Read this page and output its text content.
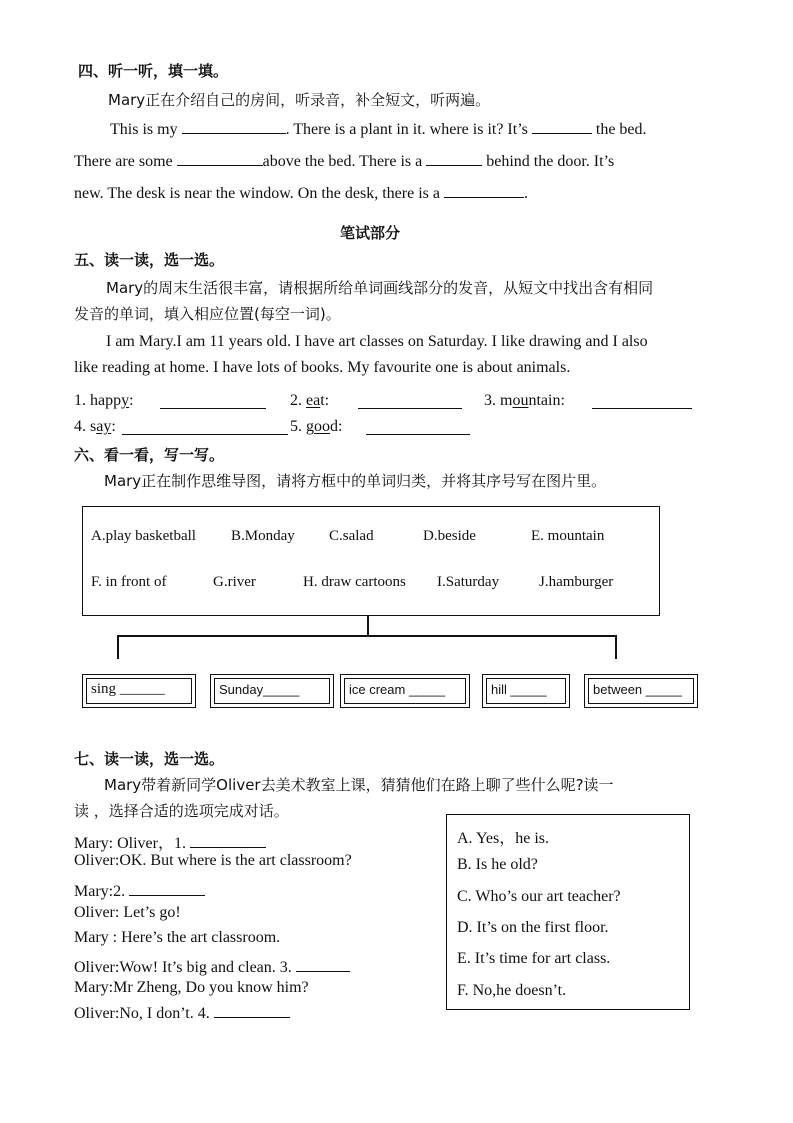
四、听一听，填一填。
Mary正在介绍自己的房间，听录音，补全短文，听两遍。
This is my	. There is a plant in it. where is it? It’s	the bed.
There are some	above the bed. There is a	behind the door. It’s
new. The desk is near the window. On the desk, there is a	.
笔试部分
五、读一读，选一选。
Mary的周末生活很丰富，请根据所给单词画线部分的发音，从短文中找出含有相同
发音的单词，填入相应位置(每空一词)。
I am Mary.I am 11 years old. I have art classes on Saturday. I like drawing and I also
like reading at home. I have lots of books. My favourite one is about animals.
1. happy:	2. eat:	3. mountain:
4. say:	5. good:
六、看一看，写一写。
Mary正在制作思维导图，请将方框中的单词归类，并将其序号写在图片里。
A.play basketball B.Monday C.salad	D.beside	E. mountain
F. in front of	G.river	H. draw cartoons I.Saturday	J.hamburger
sing ______	Sunday_____	ice cream _____	hill _____	between _____
七、读一读，选一选。
Mary带着新同学Oliver去美术教室上课，猜猜他们在路上聊了些什么呢?读一
读 ，选择合适的选项完成对话。
Mary: Oliver，1.
Oliver:OK. But where is the art classroom?
Mary:2.
Oliver: Let’s go!
Mary : Here’s the art classroom.
Oliver:Wow! It’s big and clean. 3.
Mary:Mr Zheng, Do you know him?
Oliver:No, I don’t. 4.
A. Yes，he is.
B. Is he old?
C. Who’s our art teacher?
D. It’s on the first floor.
E. It’s time for art class.
F. No,he doesn’t.
